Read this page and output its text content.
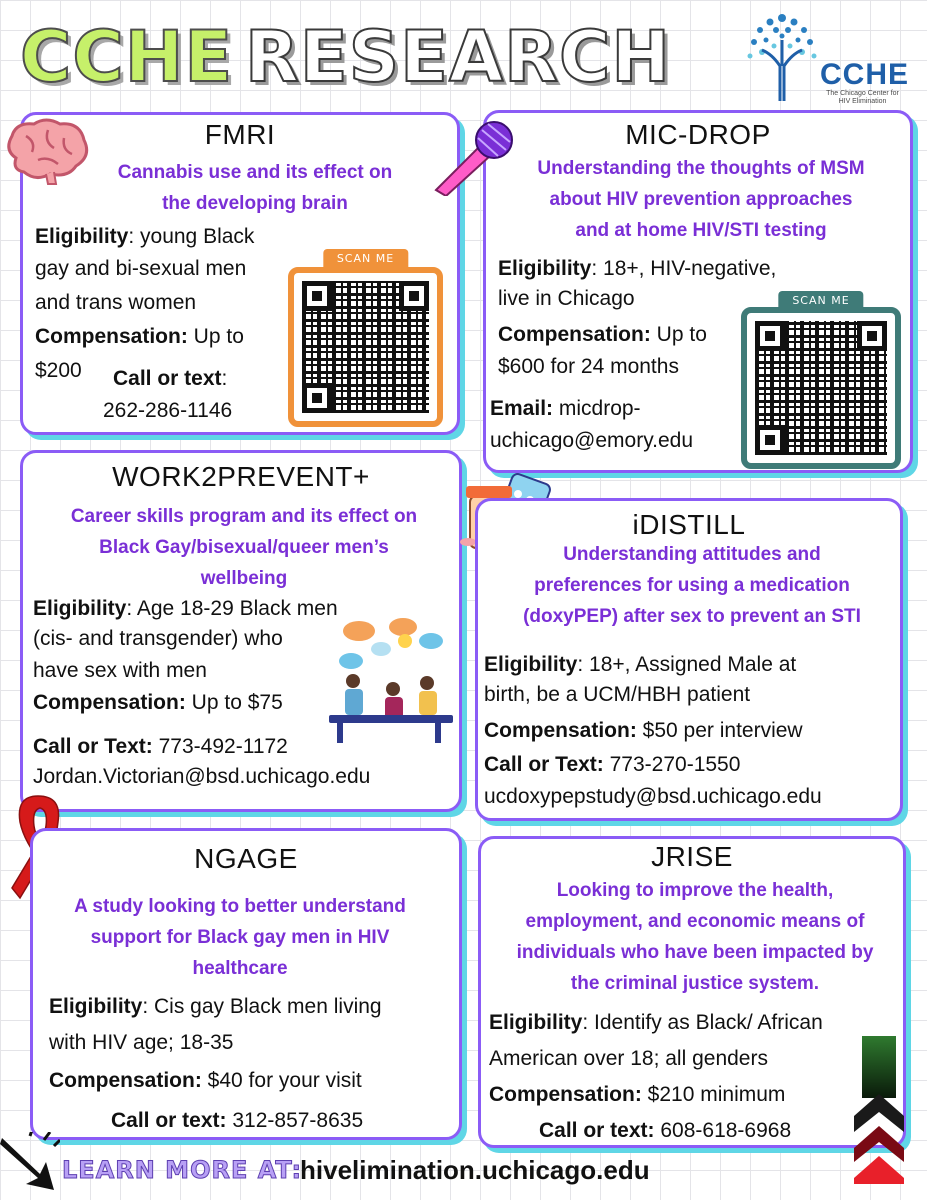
CCHE RESEARCH	CCHE
The Chicago Center for HIV Elimination
FMRI
Cannabis use and its effect on
the developing brain
Eligibility: young Black
gay and bi-sexual men
and trans women
Compensation: Up to
$200 Call or text:
262-286-1146
SCAN ME
MIC-DROP
Understanding the thoughts of MSM
about HIV prevention approaches
and at home HIV/STI testing
Eligibility: 18+, HIV-negative,
live in Chicago
Compensation: Up to
$600 for 24 months
Email: micdrop-
uchicago@emory.edu
SCAN ME
WORK2PREVENT+
Career skills program and its effect on
Black Gay/bisexual/queer men’s
wellbeing
Eligibility: Age 18-29 Black men
(cis- and transgender) who
have sex with men
Compensation: Up to $75
Call or Text: 773-492-1172
Jordan.Victorian@bsd.uchicago.edu
iDISTILL
Understanding attitudes and
preferences for using a medication
(doxyPEP) after sex to prevent an STI
Eligibility: 18+, Assigned Male at
birth, be a UCM/HBH patient
Compensation: $50 per interview
Call or Text: 773-270-1550
ucdoxypepstudy@bsd.uchicago.edu
NGAGE
A study looking to better understand
support for Black gay men in HIV
healthcare
Eligibility: Cis gay Black men living
with HIV age; 18-35
Compensation: $40 for your visit
Call or text: 312-857-8635
JRISE
Looking to improve the health,
employment, and economic means of
individuals who have been impacted by
the criminal justice system.
Eligibility: Identify as Black/ African
American over 18; all genders
Compensation: $210 minimum
Call or text: 608-618-6968
LEARN MORE AT:
hivelimination.uchicago.edu
